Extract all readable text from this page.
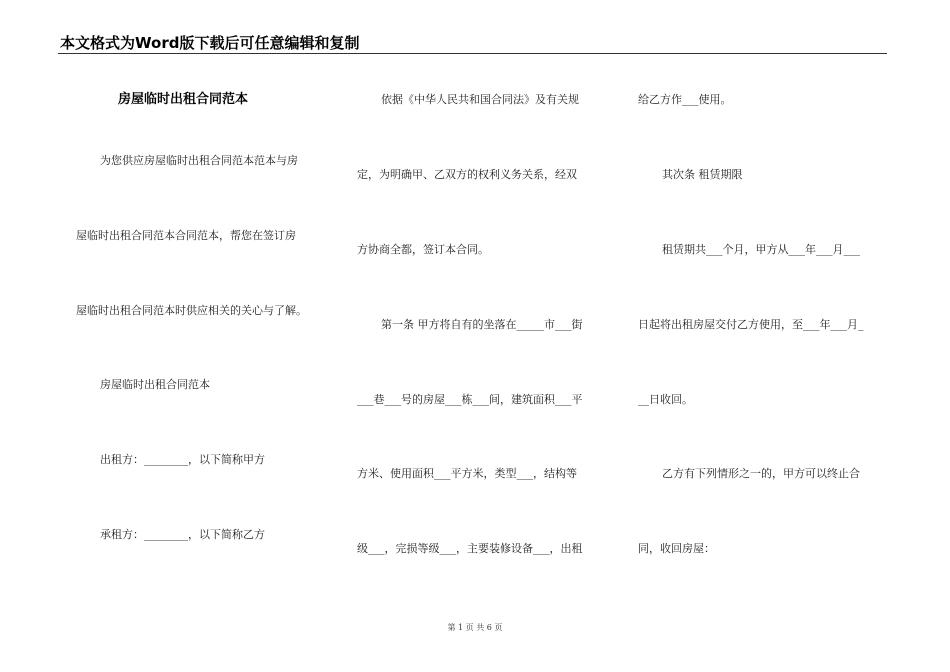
本文格式为Word版下载后可任意编辑和复制
房屋临时出租合同范本
为您供应房屋临时出租合同范本范本与房
屋临时出租合同范本合同范本，帮您在签订房
屋临时出租合同范本时供应相关的关心与了解。
房屋临时出租合同范本
出租方：________，以下简称甲方
承租方：________，以下简称乙方
依据《中华人民共和国合同法》及有关规
定，为明确甲、乙双方的权利义务关系，经双
方协商全都，签订本合同。
第一条 甲方将自有的坐落在_____市___街
___巷___号的房屋___栋___间，建筑面积___平
方米、使用面积___平方米，类型___，结构等
级___，完损等级___，主要装修设备___，出租
给乙方作___使用。
其次条 租赁期限
租赁期共___个月，甲方从___年___月___
日起将出租房屋交付乙方使用，至___年___月_
__日收回。
乙方有下列情形之一的，甲方可以终止合
同，收回房屋：
第 1 页 共 6 页
